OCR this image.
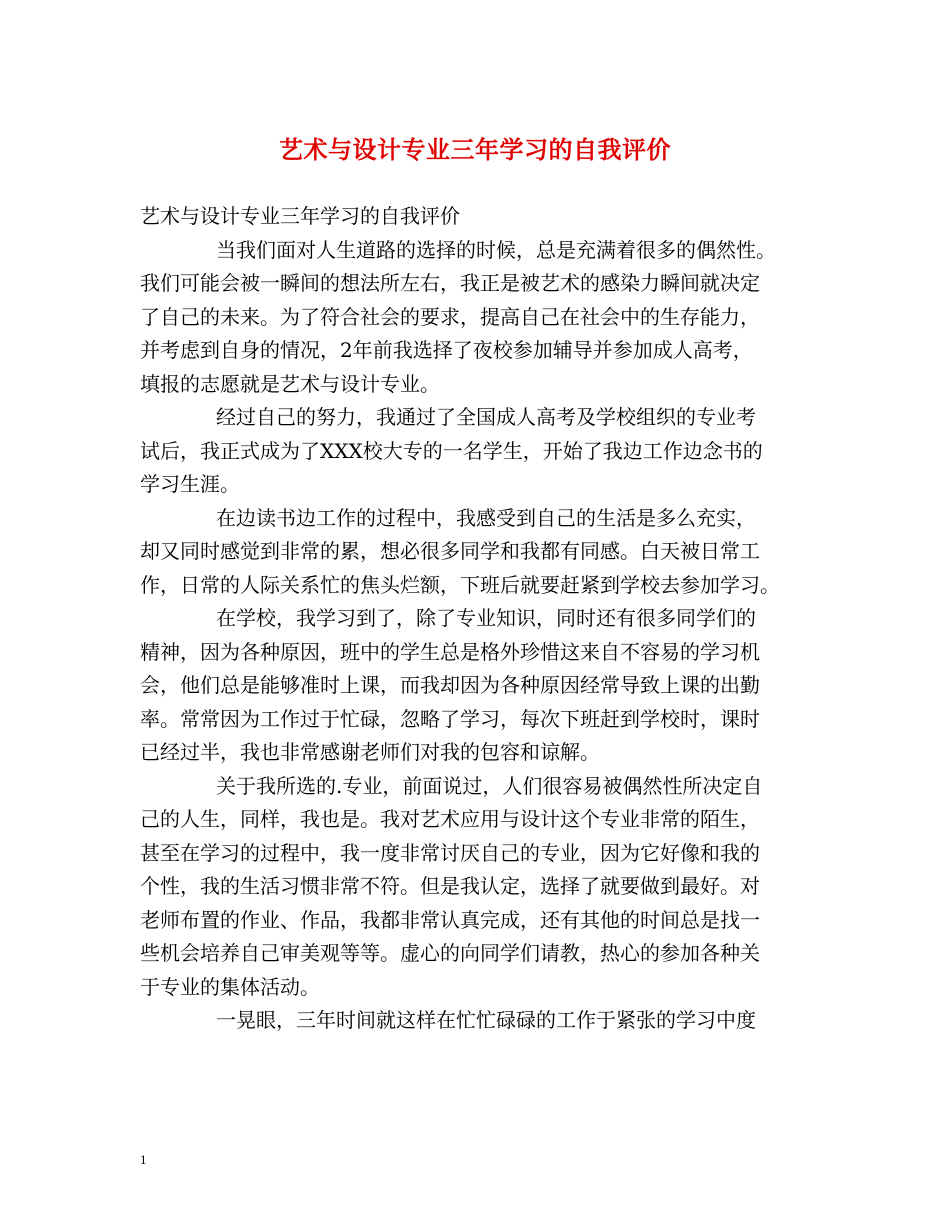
艺术与设计专业三年学习的自我评价
艺术与设计专业三年学习的自我评价
当我们面对人生道路的选择的时候，总是充满着很多的偶然性。
我们可能会被一瞬间的想法所左右，我正是被艺术的感染力瞬间就决定
了自己的未来。为了符合社会的要求，提高自己在社会中的生存能力，
并考虑到自身的情况，2年前我选择了夜校参加辅导并参加成人高考，
填报的志愿就是艺术与设计专业。
经过自己的努力，我通过了全国成人高考及学校组织的专业考
试后，我正式成为了XXX校大专的一名学生，开始了我边工作边念书的
学习生涯。
在边读书边工作的过程中，我感受到自己的生活是多么充实，
却又同时感觉到非常的累，想必很多同学和我都有同感。白天被日常工
作，日常的人际关系忙的焦头烂额，下班后就要赶紧到学校去参加学习。
在学校，我学习到了，除了专业知识，同时还有很多同学们的
精神，因为各种原因，班中的学生总是格外珍惜这来自不容易的学习机
会，他们总是能够准时上课，而我却因为各种原因经常导致上课的出勤
率。常常因为工作过于忙碌，忽略了学习，每次下班赶到学校时，课时
已经过半，我也非常感谢老师们对我的包容和谅解。
关于我所选的.专业，前面说过，人们很容易被偶然性所决定自
己的人生，同样，我也是。我对艺术应用与设计这个专业非常的陌生，
甚至在学习的过程中，我一度非常讨厌自己的专业，因为它好像和我的
个性，我的生活习惯非常不符。但是我认定，选择了就要做到最好。对
老师布置的作业、作品，我都非常认真完成，还有其他的时间总是找一
些机会培养自己审美观等等。虚心的向同学们请教，热心的参加各种关
于专业的集体活动。
一晃眼，三年时间就这样在忙忙碌碌的工作于紧张的学习中度
1
